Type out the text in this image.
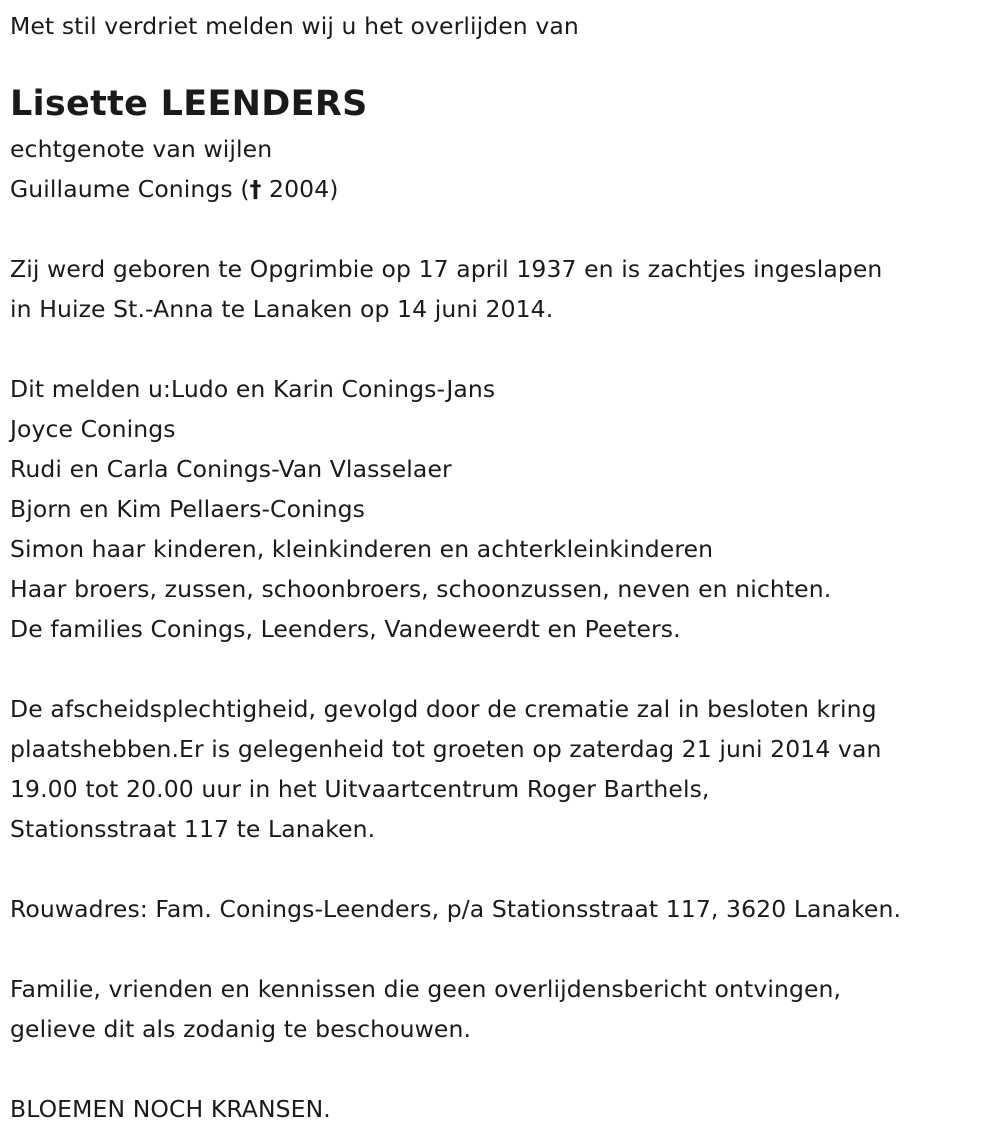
Met stil verdriet melden wij u het overlijden van
Lisette LEENDERS
echtgenote van wijlen
Guillaume Conings († 2004)
Zij werd geboren te Opgrimbie op 17 april 1937 en is zachtjes ingeslapen
in Huize St.-Anna te Lanaken op 14 juni 2014.
Dit melden u:Ludo en Karin Conings-Jans
Joyce Conings
Rudi en Carla Conings-Van Vlasselaer
Bjorn en Kim Pellaers-Conings
Simon haar kinderen, kleinkinderen en achterkleinkinderen
Haar broers, zussen, schoonbroers, schoonzussen, neven en nichten.
De families Conings, Leenders, Vandeweerdt en Peeters.
De afscheidsplechtigheid, gevolgd door de crematie zal in besloten kring
plaatshebben.Er is gelegenheid tot groeten op zaterdag 21 juni 2014 van
19.00 tot 20.00 uur in het Uitvaartcentrum Roger Barthels,
Stationsstraat 117 te Lanaken.
Rouwadres: Fam. Conings-Leenders, p/a Stationsstraat 117, 3620 Lanaken.
Familie, vrienden en kennissen die geen overlijdensbericht ontvingen,
gelieve dit als zodanig te beschouwen.
BLOEMEN NOCH KRANSEN.
